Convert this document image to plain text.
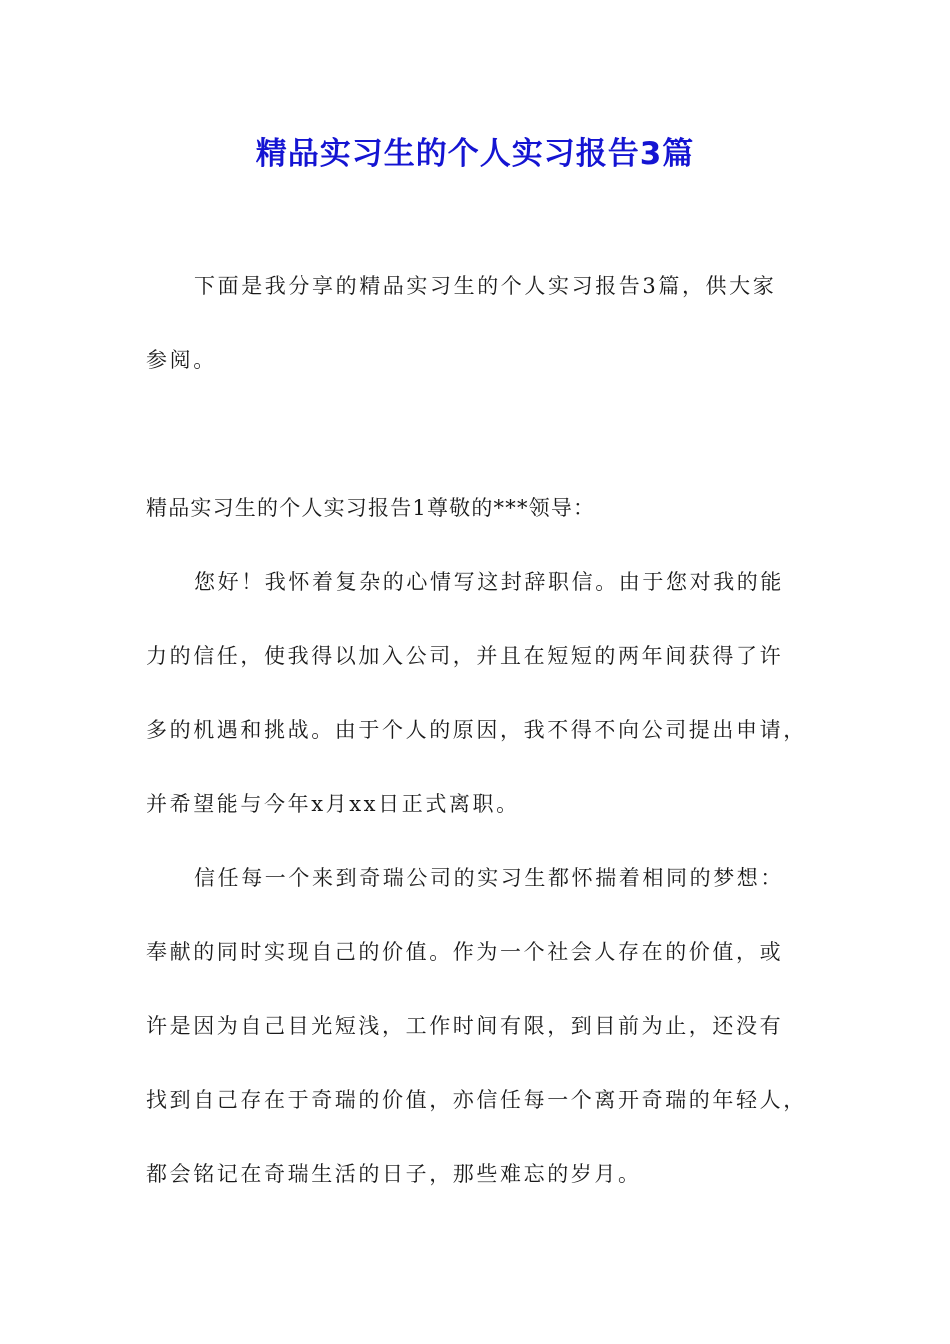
精品实习生的个人实习报告3篇

下面是我分享的精品实习生的个人实习报告3篇，供大家

参阅。

精品实习生的个人实习报告1尊敬的***领导：

您好！我怀着复杂的心情写这封辞职信。由于您对我的能

力的信任，使我得以加入公司，并且在短短的两年间获得了许

多的机遇和挑战。由于个人的原因，我不得不向公司提出申请，

并希望能与今年x月xx日正式离职。

信任每一个来到奇瑞公司的实习生都怀揣着相同的梦想：

奉献的同时实现自己的价值。作为一个社会人存在的价值，或

许是因为自己目光短浅，工作时间有限，到目前为止，还没有

找到自己存在于奇瑞的价值，亦信任每一个离开奇瑞的年轻人，

都会铭记在奇瑞生活的日子，那些难忘的岁月。
